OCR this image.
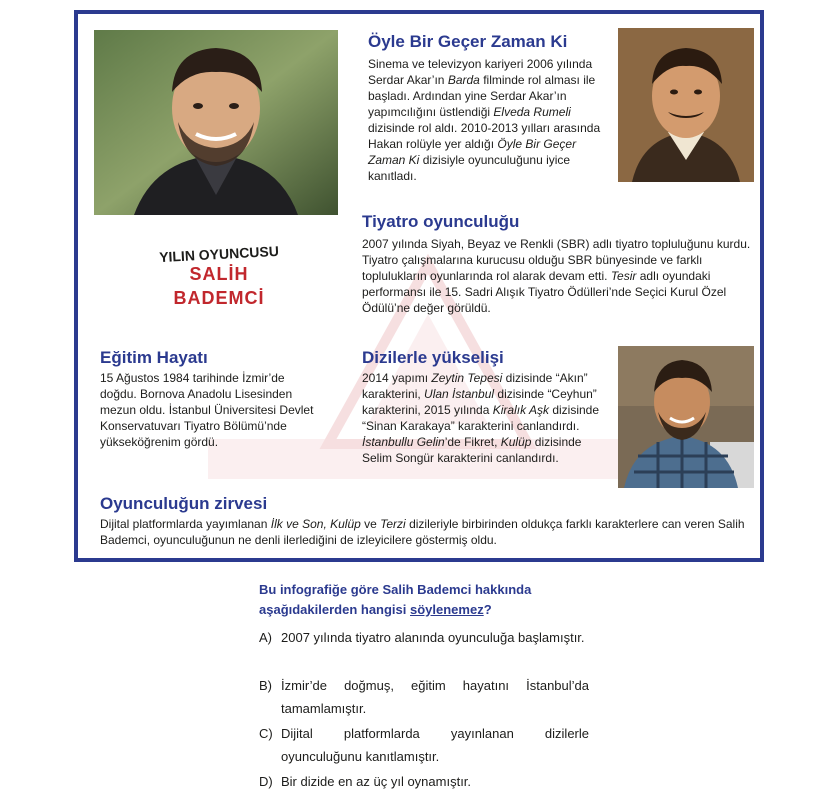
YILIN OYUNCUSU
SALİH
BADEMCİ
Öyle Bir Geçer Zaman Ki

Sinema ve televizyon kariyeri 2006 yılında Serdar Akar’ın Barda filminde rol alması ile başladı. Ardından yine Serdar Akar’ın yapımcılığını üstlendiği Elveda Rumeli dizisinde rol aldı. 2010-2013 yılları arasında Hakan rolüyle yer aldığı Öyle Bir Geçer Zaman Ki dizisiyle oyunculuğunu iyice kanıtladı.

Tiyatro oyunculuğu

2007 yılında Siyah, Beyaz ve Renkli (SBR) adlı tiyatro topluluğunu kurdu. Tiyatro çalışmalarına kurucusu olduğu SBR bünyesinde ve farklı toplulukların oyunlarında rol alarak devam etti. Tesir adlı oyundaki performansı ile 15. Sadri Alışık Tiyatro Ödülleri’nde Seçici Kurul Özel Ödülü’ne değer görüldü.

Eğitim Hayatı

15 Ağustos 1984 tarihinde İzmir’de doğdu. Bornova Anadolu Lisesinden mezun oldu. İstanbul Üniversitesi Devlet Konservatuvarı Tiyatro Bölümü’nde yükseköğrenim gördü.

Dizilerle yükselişi

2014 yapımı Zeytin Tepesi dizisinde “Akın” karakterini, Ulan İstanbul dizisinde “Ceyhun” karakterini, 2015 yılında Kiralık Aşk dizisinde “Sinan Karakaya” karakterini canlandırdı. İstanbullu Gelin’de Fikret, Kulüp dizisinde Selim Songür karakterini canlandırdı.

Oyunculuğun zirvesi

Dijital platformlarda yayımlanan İlk ve Son, Kulüp ve Terzi dizileriyle birbirinden oldukça farklı karakterlere can veren Salih Bademci, oyunculuğunun ne denli ilerlediğini de izleyicilere göstermiş oldu.

Bu infografiğe göre Salih Bademci hakkında aşağıdakilerden hangisi söylenemez?
A) 2007 yılında tiyatro alanında oyunculuğa başlamıştır.
B) İzmir’de doğmuş, eğitim hayatını İstanbul’da tamamlamıştır.
C) Dijital platformlarda yayınlanan dizilerle oyunculuğunu kanıtlamıştır.
D) Bir dizide en az üç yıl oynamıştır.
